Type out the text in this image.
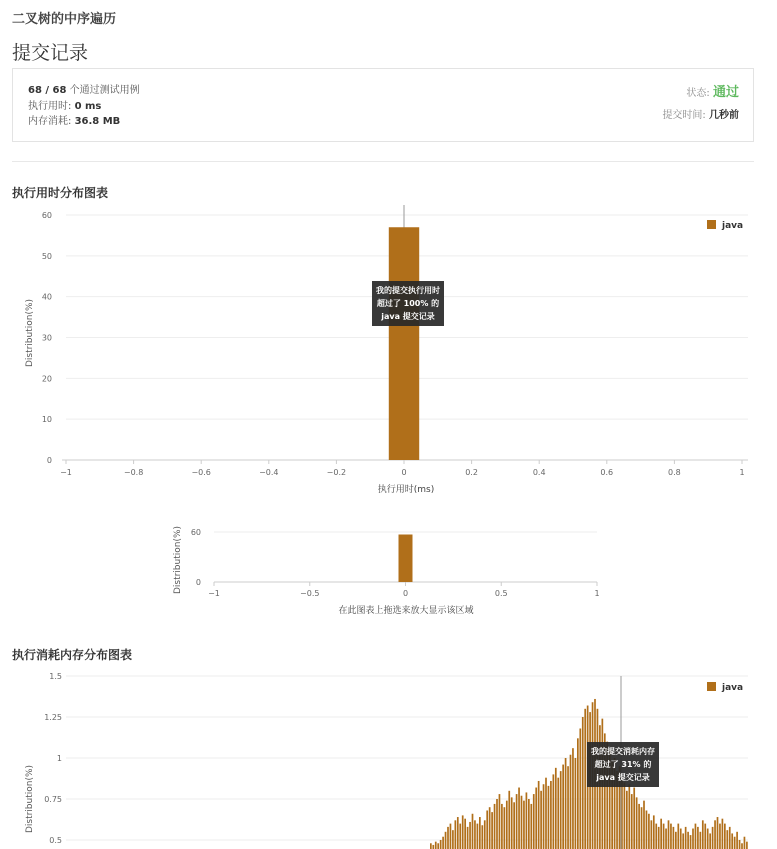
二叉树的中序遍历
提交记录
68 / 68 个通过测试用例
执行用时: 0 ms
内存消耗: 36.8 MB
状态: 通过
提交时间: 几秒前
执行用时分布图表
0
10
20
30
40
50
60
−1	−0.8	−0.6	−0.4	−0.2	0	0.2	0.4	0.6	0.8	1
执行用时(ms)
Distribution(%)
java
我的提交执行用时
超过了 100% 的
java 提交记录
0
60
−1	−0.5	0	0.5	1
在此图表上拖选来放大显示该区域
Distribution(%)
执行消耗内存分布图表
0.5
0.75
1
1.25
1.5
Distribution(%)
java
我的提交消耗内存
超过了 31% 的
java 提交记录
